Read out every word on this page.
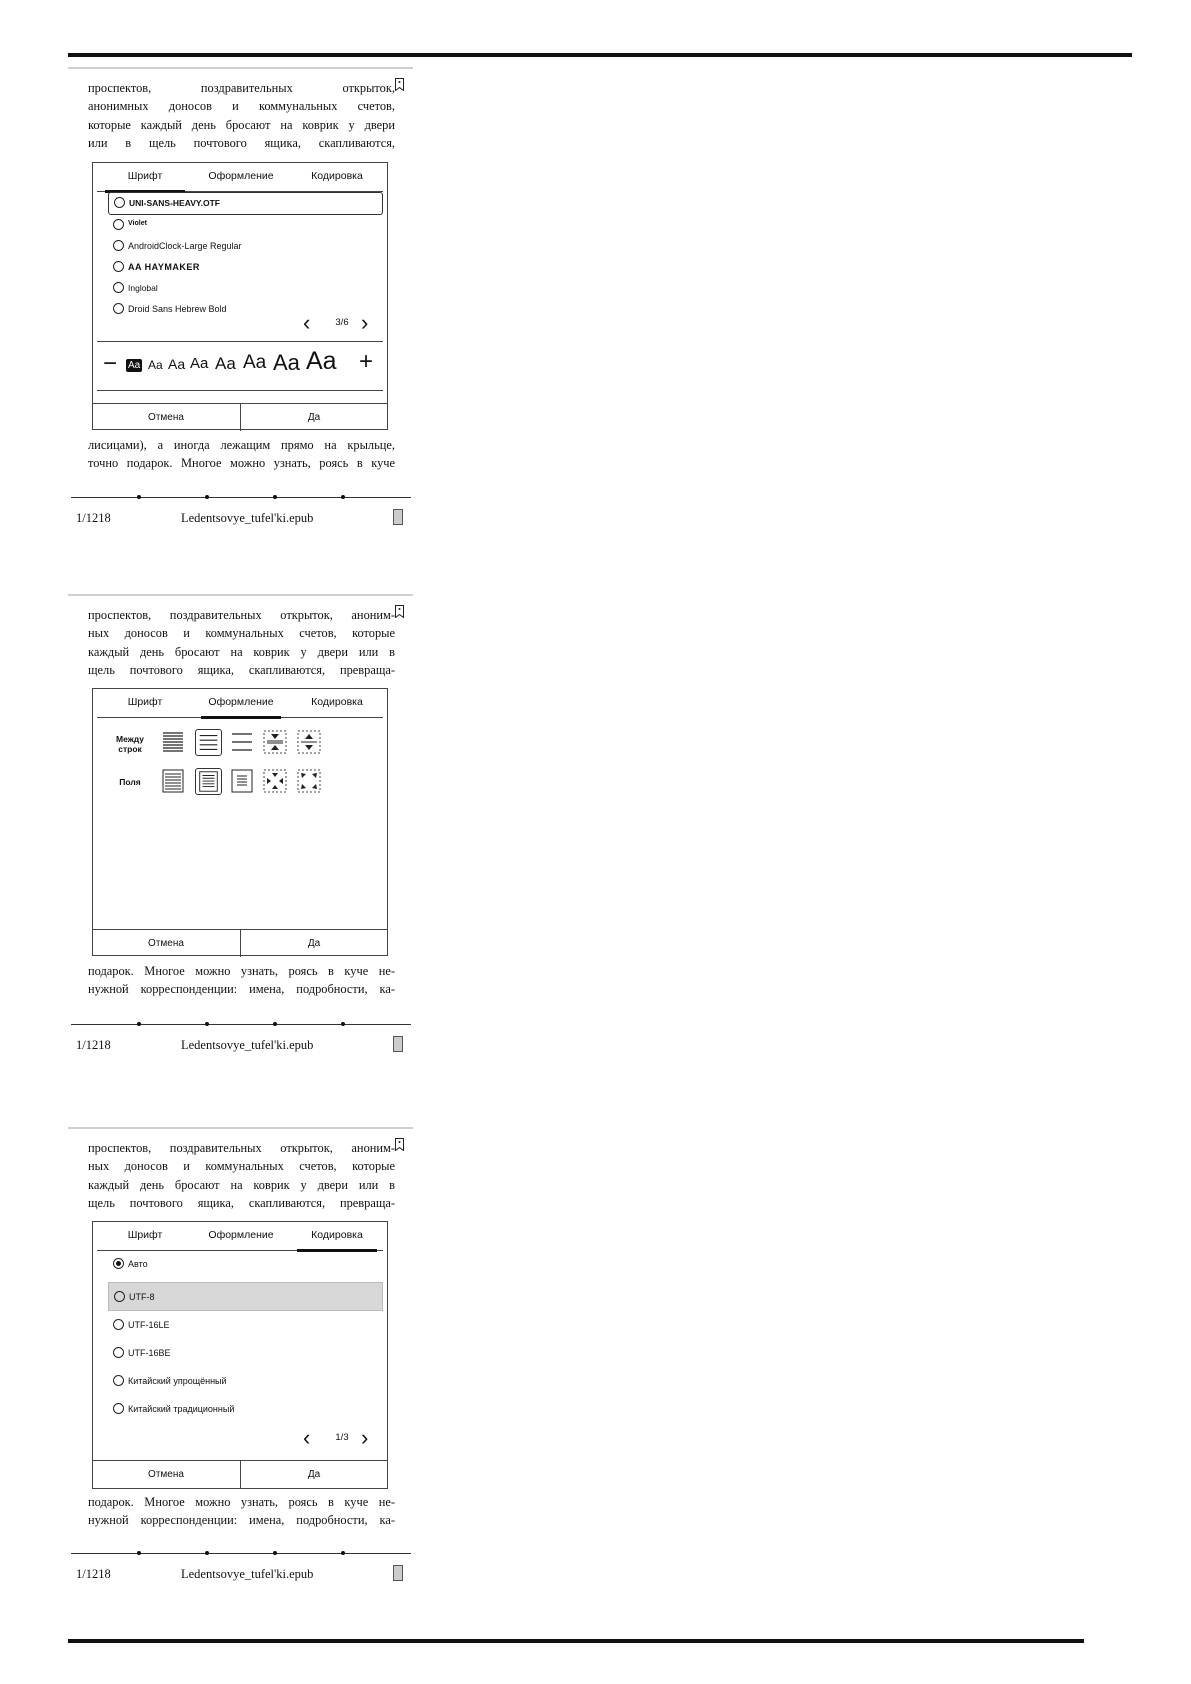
проспектов, поздравительных открыток,
анонимных доносов и коммунальных счетов,
которые каждый день бросают на коврик у двери
или в щель почтового ящика, скапливаются,
Шрифт	Оформление	Кодировка
UNI-SANS-HEAVY.OTF
Violet
AndroidClock-Large Regular
AA HAYMAKER
Inglobal
Droid Sans Hebrew Bold
‹	3/6 ›
− Aa Aa Aa Aa Aa Aa Aa Aa +
Отмена	Да
лисицами), а иногда лежащим прямо на крыльце,
точно подарок. Многое можно узнать, роясь в куче
1/1218	Ledentsovye_tufel'ki.epub
проспектов, поздравительных открыток, аноним-
ных доносов и коммунальных счетов, которые
каждый день бросают на коврик у двери или в
щель почтового ящика, скапливаются, превраща-
Шрифт	Оформление	Кодировка
Между
строк
Поля
Отмена	Да
подарок. Многое можно узнать, роясь в куче не-
нужной корреспонденции: имена, подробности, ка-
1/1218	Ledentsovye_tufel'ki.epub
проспектов, поздравительных открыток, аноним-
ных доносов и коммунальных счетов, которые
каждый день бросают на коврик у двери или в
щель почтового ящика, скапливаются, превраща-
Шрифт	Оформление	Кодировка
Авто
UTF-8
UTF-16LE
UTF-16BE
Китайский упрощённый
Китайский традиционный
‹	1/3 ›
Отмена	Да
подарок. Многое можно узнать, роясь в куче не-
нужной корреспонденции: имена, подробности, ка-
1/1218	Ledentsovye_tufel'ki.epub
